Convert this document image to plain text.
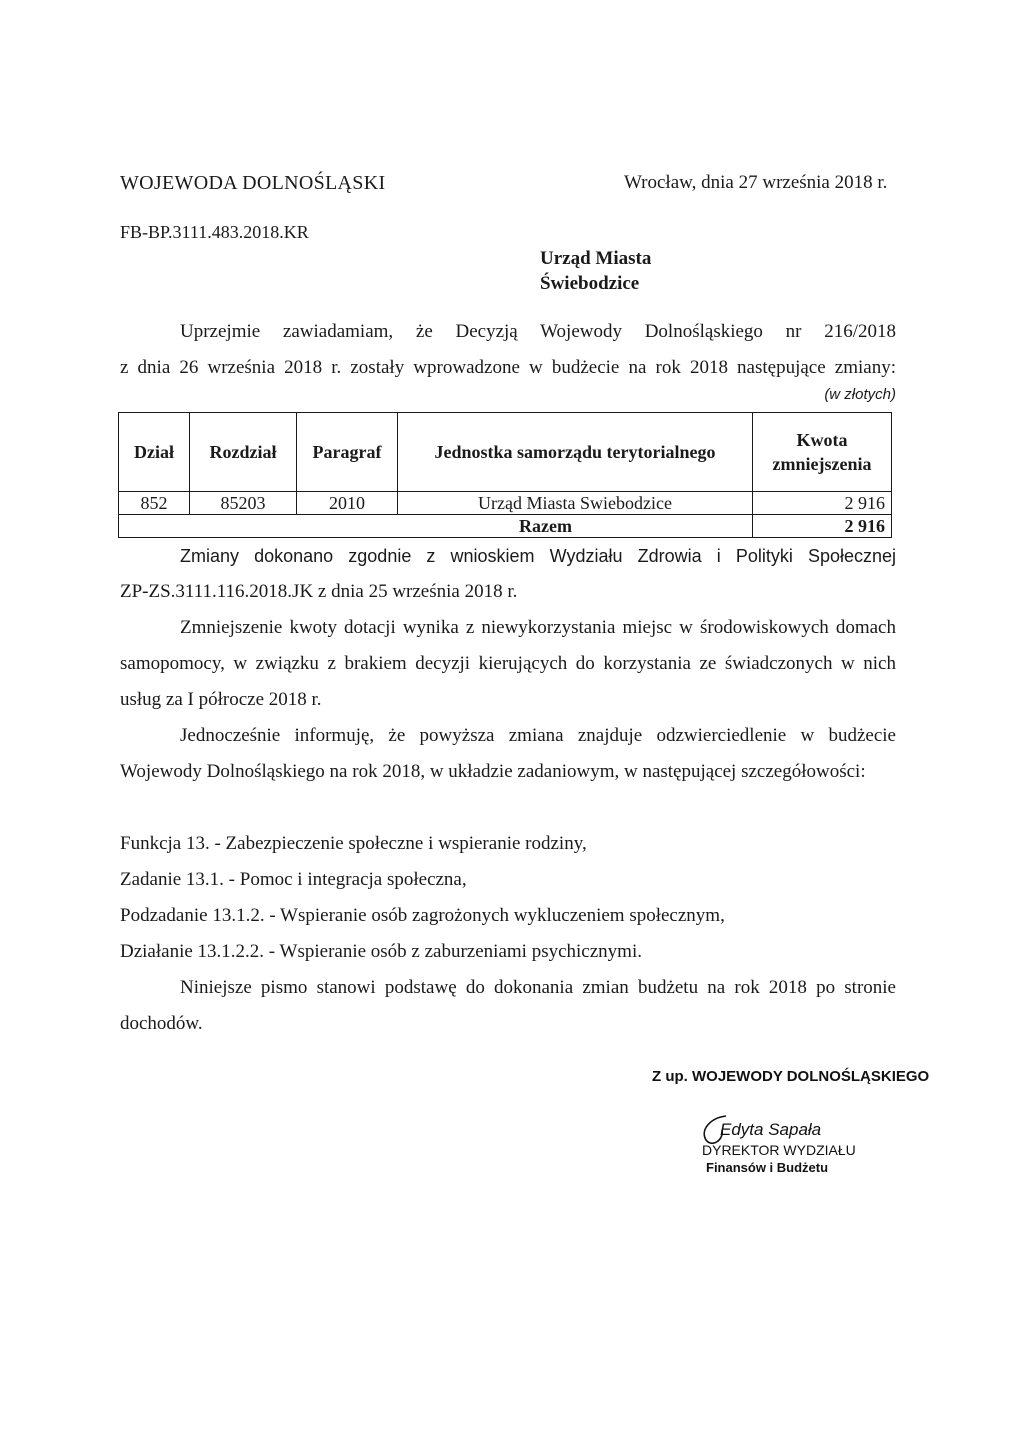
WOJEWODA DOLNOŚLĄSKI	Wrocław, dnia 27 września 2018 r.
FB-BP.3111.483.2018.KR
Urząd Miasta
Świebodzice
Uprzejmie zawiadamiam, że Decyzją Wojewody Dolnośląskiego nr 216/2018
z dnia 26 września 2018 r. zostały wprowadzone w budżecie na rok 2018 następujące zmiany:
(w złotych)
Dział	Rozdział	Paragraf	Jednostka samorządu terytorialnego	Kwota zmniejszenia
852	85203	2010	Urząd Miasta Swiebodzice	2 916
Razem				2 916
Zmiany dokonano zgodnie z wnioskiem Wydziału Zdrowia i Polityki Społecznej
ZP-ZS.3111.116.2018.JK z dnia 25 września 2018 r.
Zmniejszenie kwoty dotacji wynika z niewykorzystania miejsc w środowiskowych domach samopomocy, w związku z brakiem decyzji kierujących do korzystania ze świadczonych w nich usług za I półrocze 2018 r.
Jednocześnie informuję, że powyższa zmiana znajduje odzwierciedlenie w budżecie Wojewody Dolnośląskiego na rok 2018, w układzie zadaniowym, w następującej szczegółowości:
Funkcja 13. - Zabezpieczenie społeczne i wspieranie rodziny,
Zadanie 13.1. - Pomoc i integracja społeczna,
Podzadanie 13.1.2. - Wspieranie osób zagrożonych wykluczeniem społecznym,
Działanie 13.1.2.2. - Wspieranie osób z zaburzeniami psychicznymi.
Niniejsze pismo stanowi podstawę do dokonania zmian budżetu na rok 2018 po stronie dochodów.
Z up. WOJEWODY DOLNOŚLĄSKIEGO
Edyta Sapała
DYREKTOR WYDZIAŁU
Finansów i Budżetu
